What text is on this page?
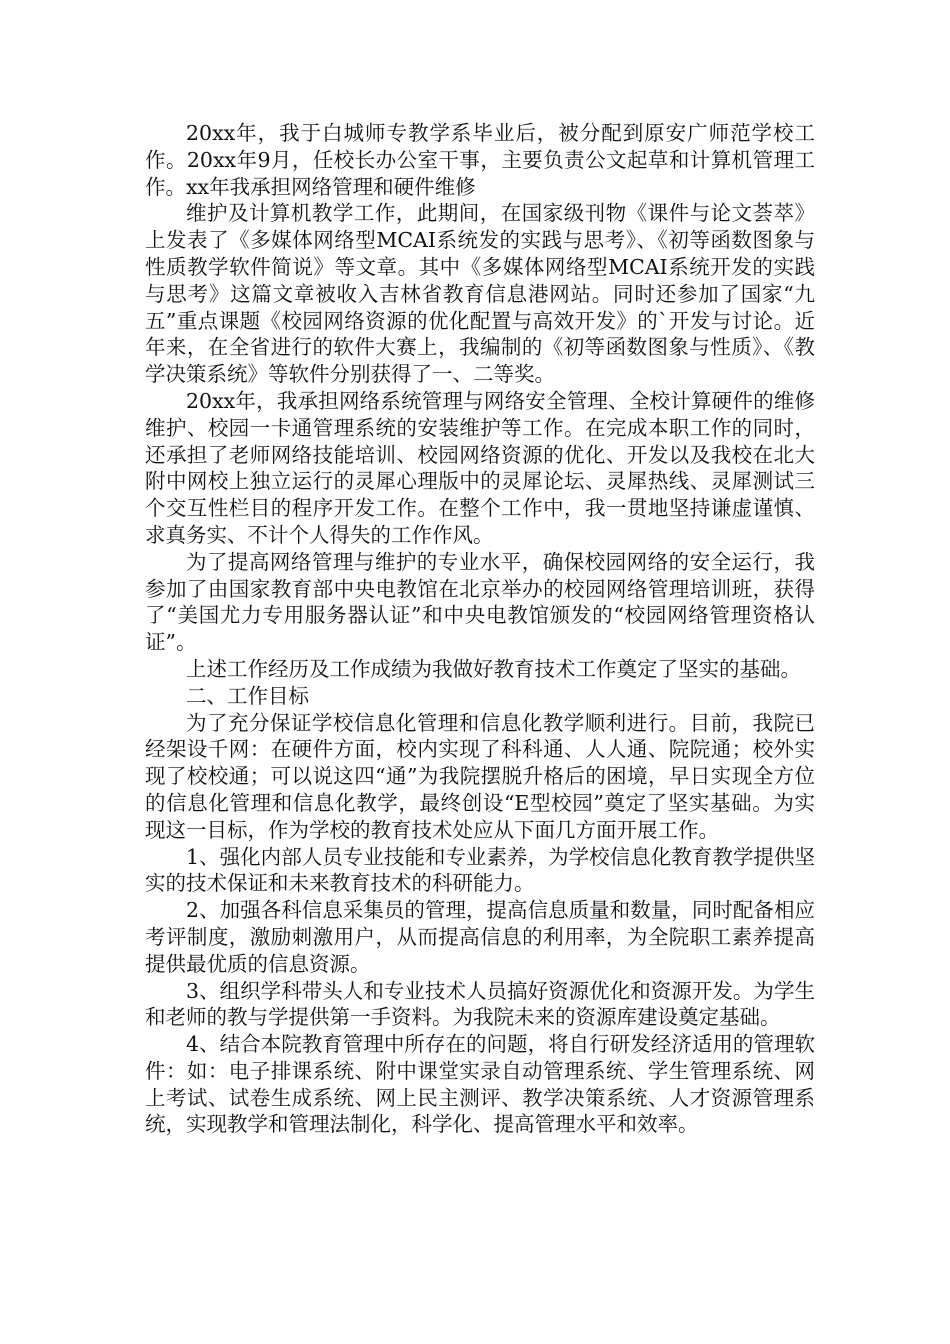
20xx年，我于白城师专教学系毕业后，被分配到原安广师范学校工作。20xx年9月，任校长办公室干事，主要负责公文起草和计算机管理工作。xx年我承担网络管理和硬件维修

维护及计算机教学工作，此期间，在国家级刊物《课件与论文荟萃》上发表了《多媒体网络型MCAI系统发的实践与思考》、《初等函数图象与性质教学软件简说》等文章。其中《多媒体网络型MCAI系统开发的实践与思考》这篇文章被收入吉林省教育信息港网站。同时还参加了国家“九五”重点课题《校园网络资源的优化配置与高效开发》的`开发与讨论。近年来，在全省进行的软件大赛上，我编制的《初等函数图象与性质》、《教学决策系统》等软件分别获得了一、二等奖。

20xx年，我承担网络系统管理与网络安全管理、全校计算硬件的维修维护、校园一卡通管理系统的安装维护等工作。在完成本职工作的同时，还承担了老师网络技能培训、校园网络资源的优化、开发以及我校在北大附中网校上独立运行的灵犀心理版中的灵犀论坛、灵犀热线、灵犀测试三个交互性栏目的程序开发工作。在整个工作中，我一贯地坚持谦虚谨慎、求真务实、不计个人得失的工作作风。

为了提高网络管理与维护的专业水平，确保校园网络的安全运行，我参加了由国家教育部中央电教馆在北京举办的校园网络管理培训班，获得了“美国尤力专用服务器认证”和中央电教馆颁发的“校园网络管理资格认证”。

上述工作经历及工作成绩为我做好教育技术工作奠定了坚实的基础。

二、工作目标

为了充分保证学校信息化管理和信息化教学顺利进行。目前，我院已经架设千网：在硬件方面，校内实现了科科通、人人通、院院通；校外实现了校校通；可以说这四“通”为我院摆脱升格后的困境，早日实现全方位的信息化管理和信息化教学，最终创设“E型校园”奠定了坚实基础。为实现这一目标，作为学校的教育技术处应从下面几方面开展工作。

1、强化内部人员专业技能和专业素养，为学校信息化教育教学提供坚实的技术保证和未来教育技术的科研能力。

2、加强各科信息采集员的管理，提高信息质量和数量，同时配备相应考评制度，激励刺激用户，从而提高信息的利用率，为全院职工素养提高提供最优质的信息资源。

3、组织学科带头人和专业技术人员搞好资源优化和资源开发。为学生和老师的教与学提供第一手资料。为我院未来的资源库建设奠定基础。

4、结合本院教育管理中所存在的问题，将自行研发经济适用的管理软件：如：电子排课系统、附中课堂实录自动管理系统、学生管理系统、网上考试、试卷生成系统、网上民主测评、教学决策系统、人才资源管理系统，实现教学和管理法制化，科学化、提高管理水平和效率。
